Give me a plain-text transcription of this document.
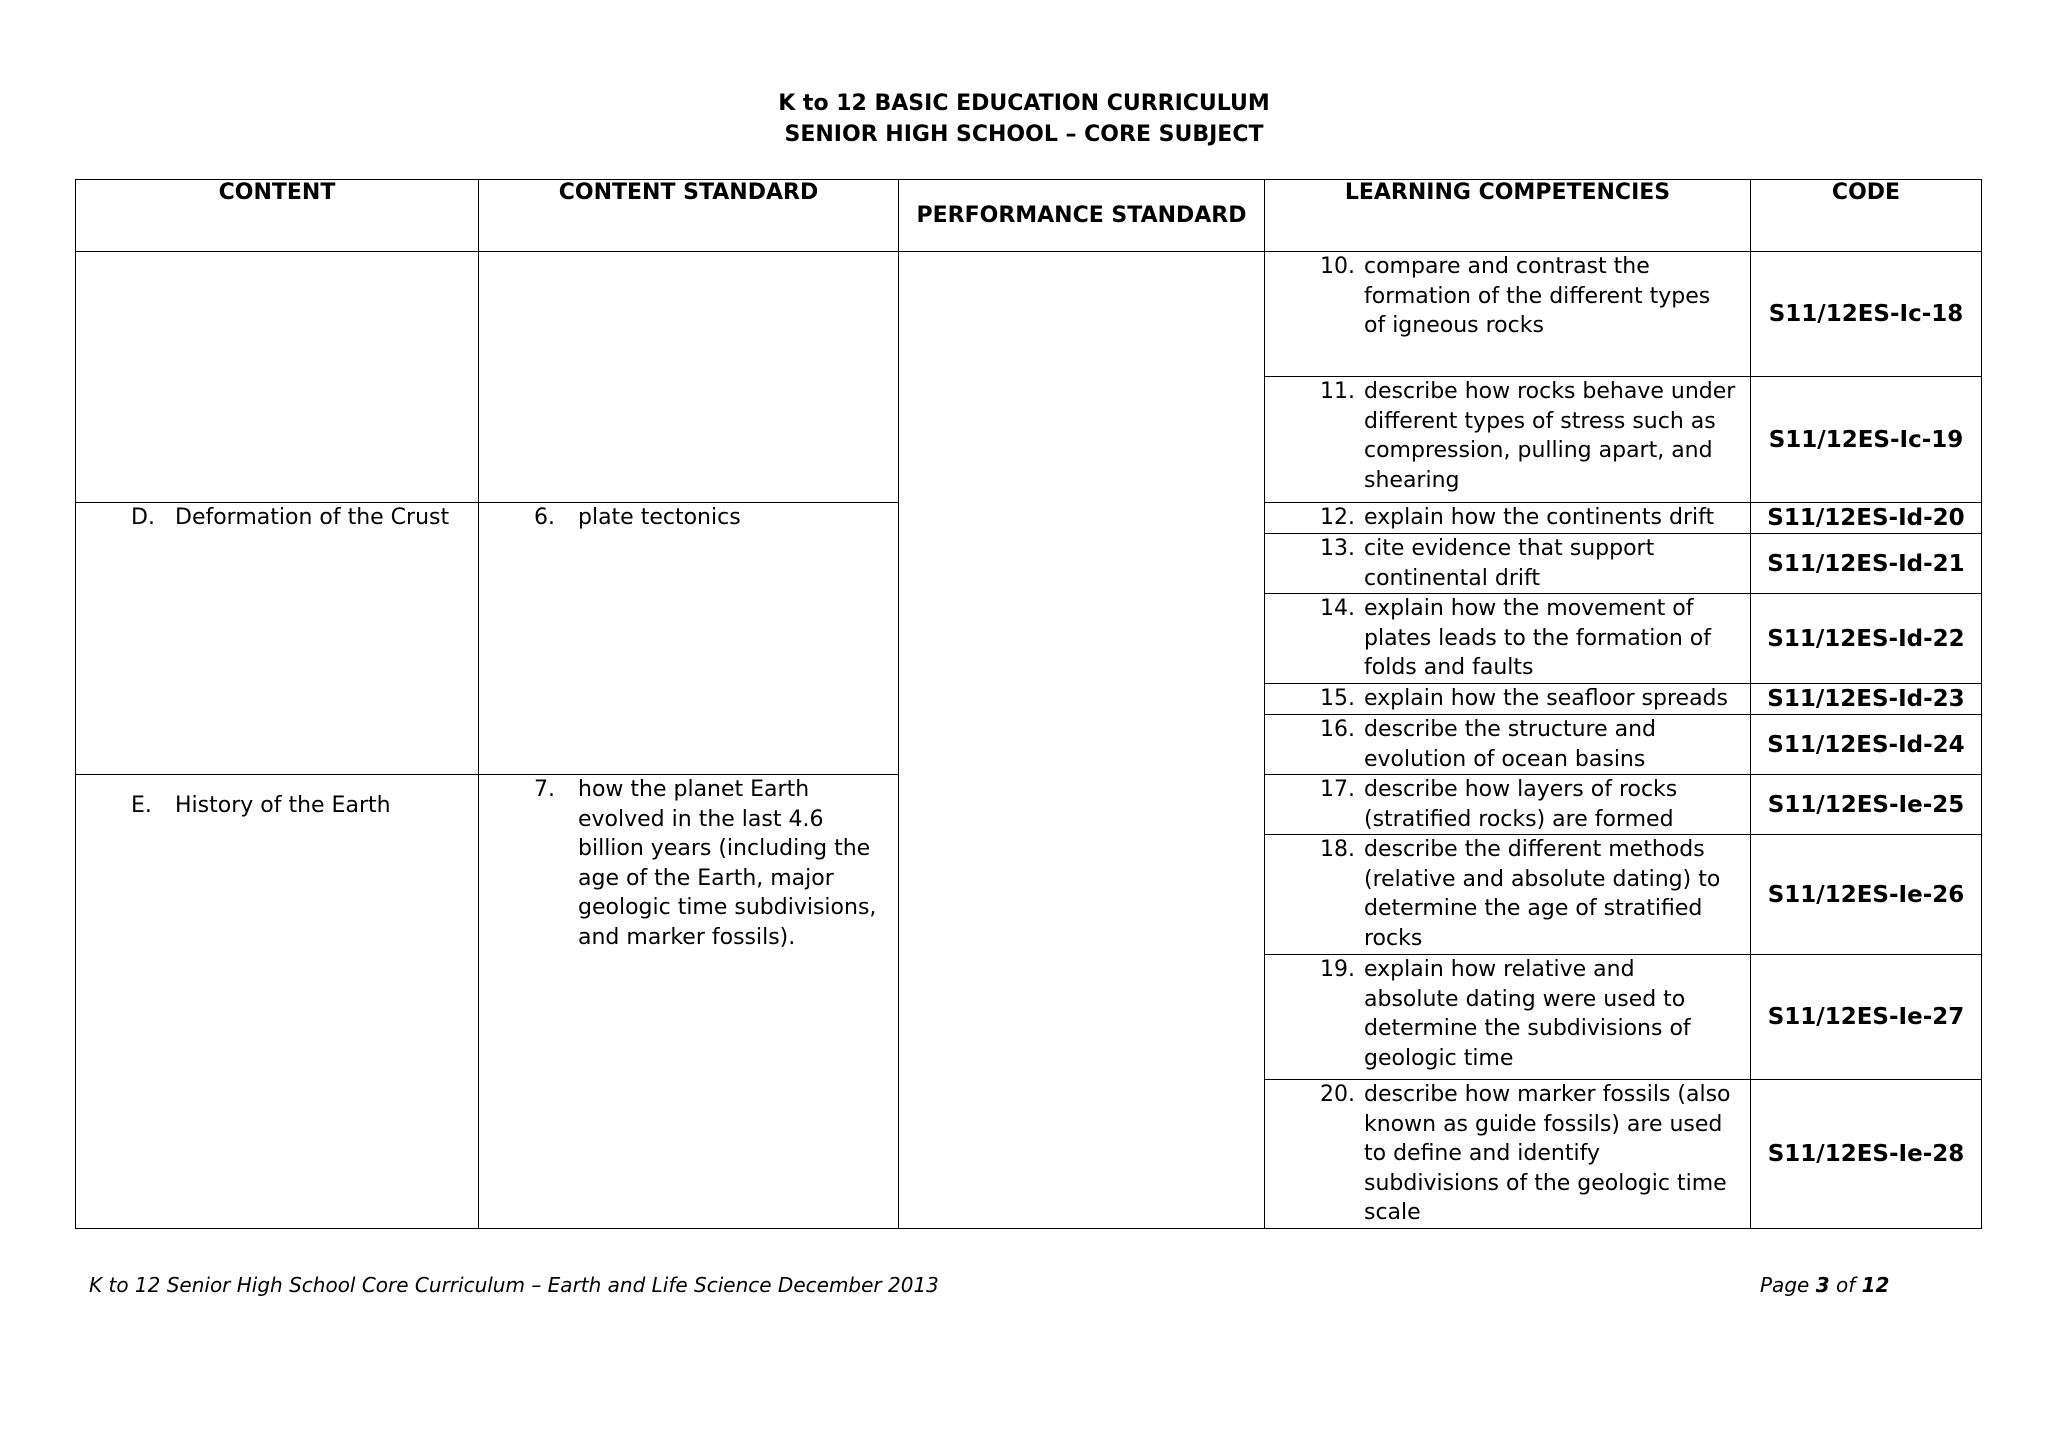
K to 12 BASIC EDUCATION CURRICULUM
SENIOR HIGH SCHOOL – CORE SUBJECT
CONTENT	CONTENT STANDARD	PERFORMANCE STANDARD	LEARNING COMPETENCIES	CODE

			10. compare and contrast the formation of the different types of igneous rocks	S11/12ES-Ic-18

			11. describe how rocks behave under different types of stress such as compression, pulling apart, and shearing	S11/12ES-Ic-19

D. Deformation of the Crust	6. plate tectonics		12. explain how the continents drift	S11/12ES-Id-20

			13. cite evidence that support continental drift	S11/12ES-Id-21

			14. explain how the movement of plates leads to the formation of folds and faults	S11/12ES-Id-22

			15. explain how the seafloor spreads	S11/12ES-Id-23

			16. describe the structure and evolution of ocean basins	S11/12ES-Id-24

E. History of the Earth	7. how the planet Earth evolved in the last 4.6 billion years (including the age of the Earth, major geologic time subdivisions, and marker fossils).		17. describe how layers of rocks (stratified rocks) are formed	S11/12ES-Ie-25

			18. describe the different methods (relative and absolute dating) to determine the age of stratified rocks	S11/12ES-Ie-26

			19. explain how relative and absolute dating were used to determine the subdivisions of geologic time	S11/12ES-Ie-27

			20. describe how marker fossils (also known as guide fossils) are used to define and identify subdivisions of the geologic time scale	S11/12ES-Ie-28
K to 12 Senior High School Core Curriculum – Earth and Life Science December 2013	Page 3 of 12
